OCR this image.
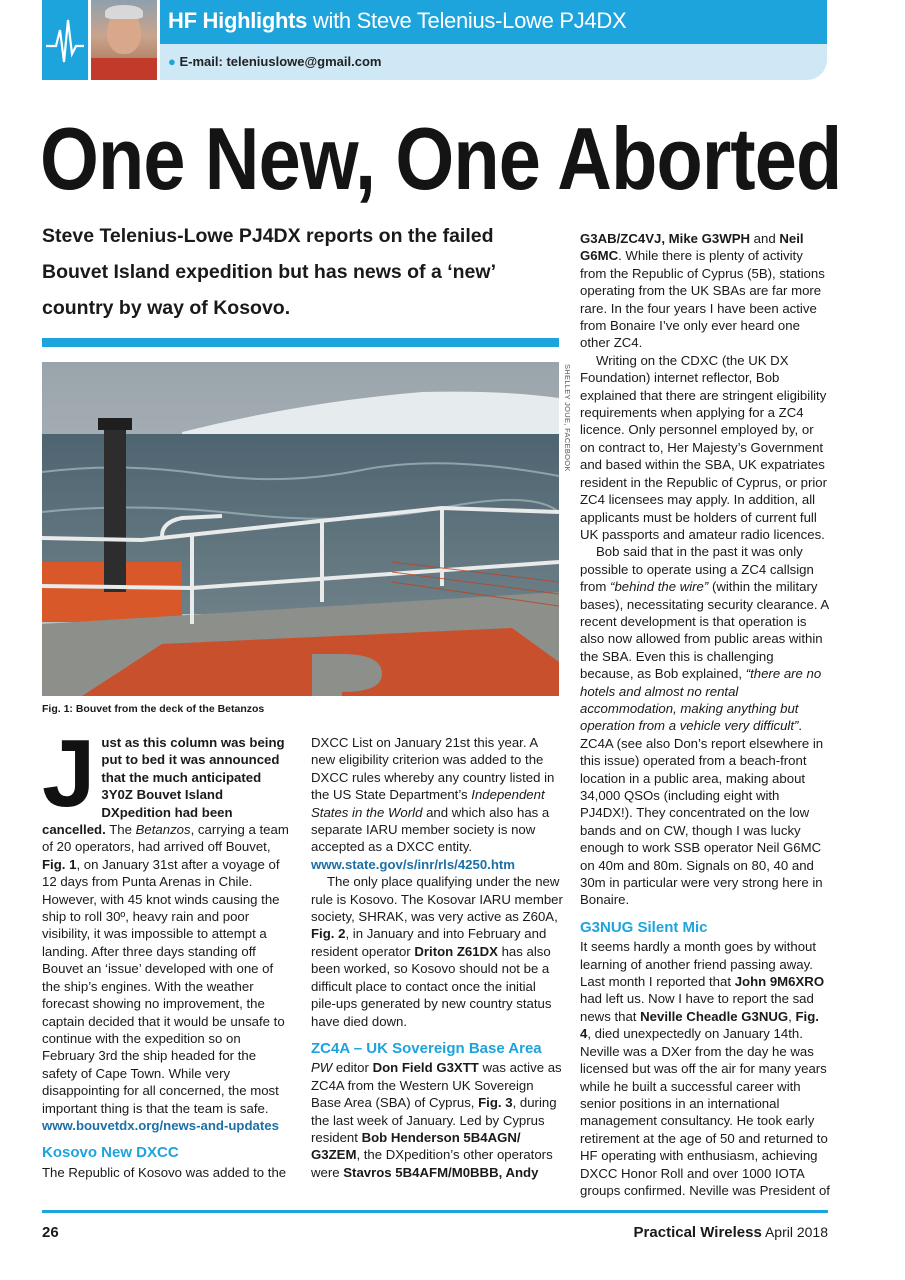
HF Highlights with Steve Telenius-Lowe PJ4DX
● E-mail: teleniuslowe@gmail.com
One New, One Aborted
Steve Telenius-Lowe PJ4DX reports on the failed Bouvet Island expedition but has news of a ‘new’ country by way of Kosovo.
SHELLEY JOUE, FACEBOOK
Fig. 1: Bouvet from the deck of the Betanzos

Just as this column was being put to bed it was announced that the much anticipated 3Y0Z Bouvet Island DXpedition had been cancelled. The Betanzos, carrying a team of 20 operators, had arrived off Bouvet, Fig. 1, on January 31st after a voyage of 12 days from Punta Arenas in Chile. However, with 45 knot winds causing the ship to roll 30º, heavy rain and poor visibility, it was impossible to attempt a landing. After three days standing off Bouvet an ‘issue’ developed with one of the ship’s engines. With the weather forecast showing no improvement, the captain decided that it would be unsafe to continue with the expedition so on February 3rd the ship headed for the safety of Cape Town. While very disappointing for all concerned, the most important thing is that the team is safe.

www.bouvetdx.org/news-and-updates

Kosovo New DXCC

The Republic of Kosovo was added to the

DXCC List on January 21st this year. A new eligibility criterion was added to the DXCC rules whereby any country listed in the US State Department’s Independent States in the World and which also has a separate IARU member society is now accepted as a DXCC entity.

www.state.gov/s/inr/rls/4250.htm

The only place qualifying under the new rule is Kosovo. The Kosovar IARU member society, SHRAK, was very active as Z60A, Fig. 2, in January and into February and resident operator Driton Z61DX has also been worked, so Kosovo should not be a difficult place to contact once the initial pile-ups generated by new country status have died down.

ZC4A – UK Sovereign Base Area

PW editor Don Field G3XTT was active as ZC4A from the Western UK Sovereign Base Area (SBA) of Cyprus, Fig. 3, during the last week of January. Led by Cyprus resident Bob Henderson 5B4AGN/ G3ZEM, the DXpedition’s other operators were Stavros 5B4AFM/M0BBB, Andy

G3AB/ZC4VJ, Mike G3WPH and Neil G6MC. While there is plenty of activity from the Republic of Cyprus (5B), stations operating from the UK SBAs are far more rare. In the four years I have been active from Bonaire I’ve only ever heard one other ZC4.

Writing on the CDXC (the UK DX Foundation) internet reflector, Bob explained that there are stringent eligibility requirements when applying for a ZC4 licence. Only personnel employed by, or on contract to, Her Majesty’s Government and based within the SBA, UK expatriates resident in the Republic of Cyprus, or prior ZC4 licensees may apply. In addition, all applicants must be holders of current full UK passports and amateur radio licences.

Bob said that in the past it was only possible to operate using a ZC4 callsign from “behind the wire” (within the military bases), necessitating security clearance. A recent development is that operation is also now allowed from public areas within the SBA. Even this is challenging because, as Bob explained, “there are no hotels and almost no rental accommodation, making anything but operation from a vehicle very difficult”. ZC4A (see also Don’s report elsewhere in this issue) operated from a beach-front location in a public area, making about 34,000 QSOs (including eight with PJ4DX!). They concentrated on the low bands and on CW, though I was lucky enough to work SSB operator Neil G6MC on 40m and 80m. Signals on 80, 40 and 30m in particular were very strong here in Bonaire.

G3NUG Silent Mic

It seems hardly a month goes by without learning of another friend passing away. Last month I reported that John 9M6XRO had left us. Now I have to report the sad news that Neville Cheadle G3NUG, Fig. 4, died unexpectedly on January 14th. Neville was a DXer from the day he was licensed but was off the air for many years while he built a successful career with senior positions in an international management consultancy. He took early retirement at the age of 50 and returned to HF operating with enthusiasm, achieving DXCC Honor Roll and over 1000 IOTA groups confirmed. Neville was President of

26	Practical Wireless April 2018
